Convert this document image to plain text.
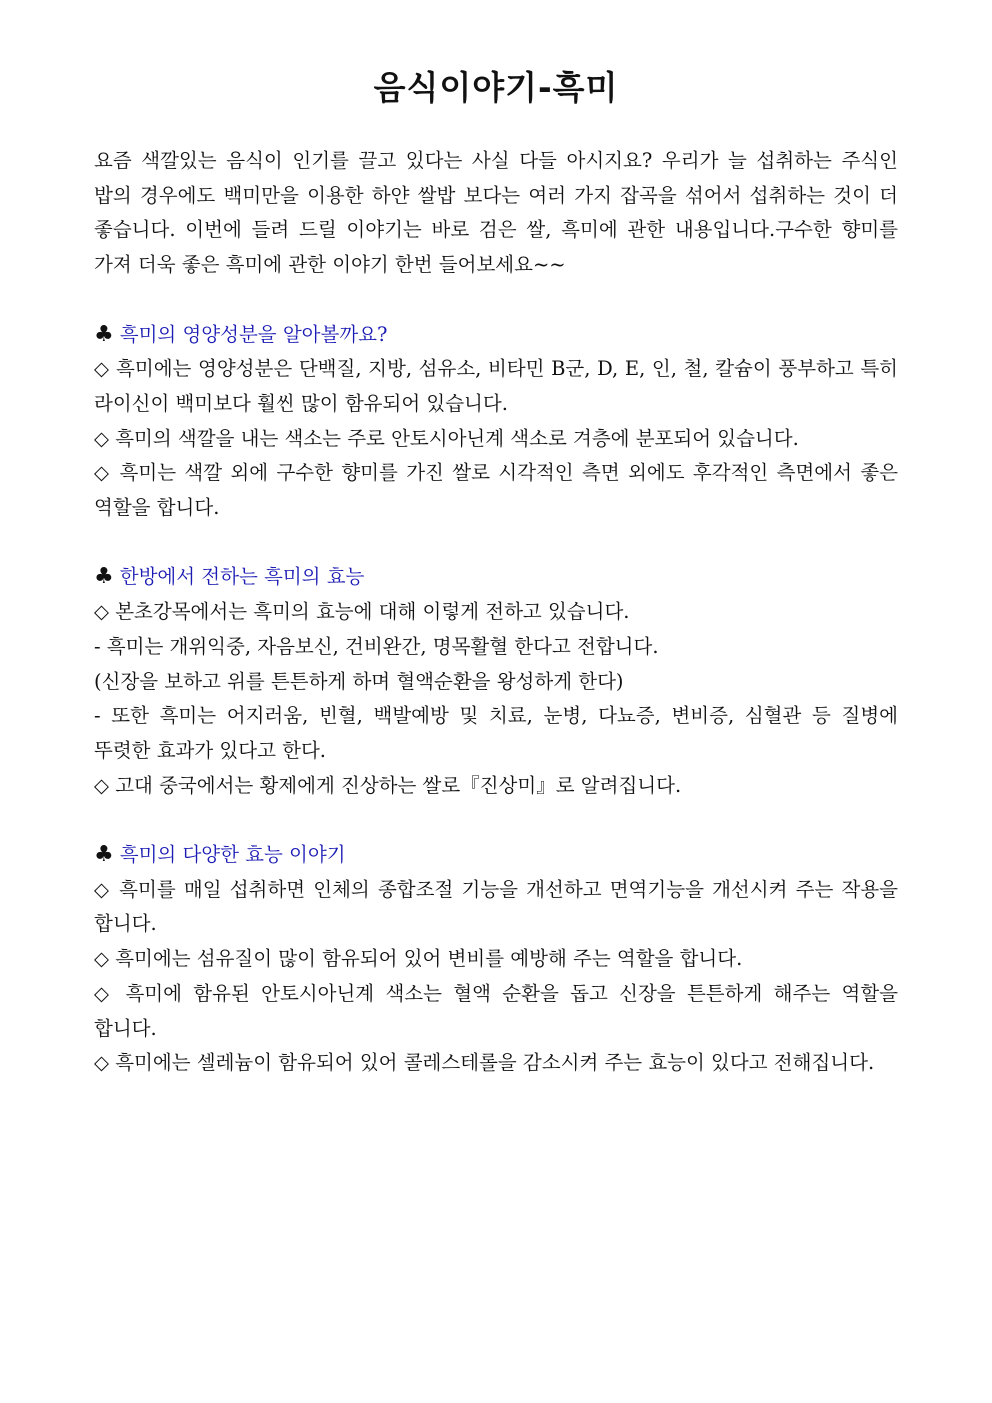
음식이야기-흑미

요즘 색깔있는 음식이 인기를 끌고 있다는 사실 다들 아시지요? 우리가 늘 섭취하는 주식인 밥의 경우에도 백미만을 이용한 하얀 쌀밥 보다는 여러 가지 잡곡을 섞어서 섭취하는 것이 더 좋습니다. 이번에 들려 드릴 이야기는 바로 검은 쌀, 흑미에 관한 내용입니다.구수한 향미를 가져 더욱 좋은 흑미에 관한 이야기 한번 들어보세요~~

♣ 흑미의 영양성분을 알아볼까요?

◇ 흑미에는 영양성분은 단백질, 지방, 섬유소, 비타민 B군, D, E, 인, 철, 칼슘이 풍부하고 특히 라이신이 백미보다 훨씬 많이 함유되어 있습니다.

◇ 흑미의 색깔을 내는 색소는 주로 안토시아닌계 색소로 겨층에 분포되어 있습니다.

◇ 흑미는 색깔 외에 구수한 향미를 가진 쌀로 시각적인 측면 외에도 후각적인 측면에서 좋은 역할을 합니다.

♣ 한방에서 전하는 흑미의 효능

◇ 본초강목에서는 흑미의 효능에 대해 이렇게 전하고 있습니다.

- 흑미는 개위익중, 자음보신, 건비완간, 명목활혈 한다고 전합니다.

(신장을 보하고 위를 튼튼하게 하며 혈액순환을 왕성하게 한다)

- 또한 흑미는 어지러움, 빈혈, 백발예방 및 치료, 눈병, 다뇨증, 변비증, 심혈관 등 질병에 뚜렷한 효과가 있다고 한다.

◇ 고대 중국에서는 황제에게 진상하는 쌀로『진상미』로 알려집니다.

♣ 흑미의 다양한 효능 이야기

◇ 흑미를 매일 섭취하면 인체의 종합조절 기능을 개선하고 면역기능을 개선시켜 주는 작용을 합니다.

◇ 흑미에는 섬유질이 많이 함유되어 있어 변비를 예방해 주는 역할을 합니다.

◇ 흑미에 함유된 안토시아닌계 색소는 혈액 순환을 돕고 신장을 튼튼하게 해주는 역할을 합니다.

◇ 흑미에는 셀레늄이 함유되어 있어 콜레스테롤을 감소시켜 주는 효능이 있다고 전해집니다.
